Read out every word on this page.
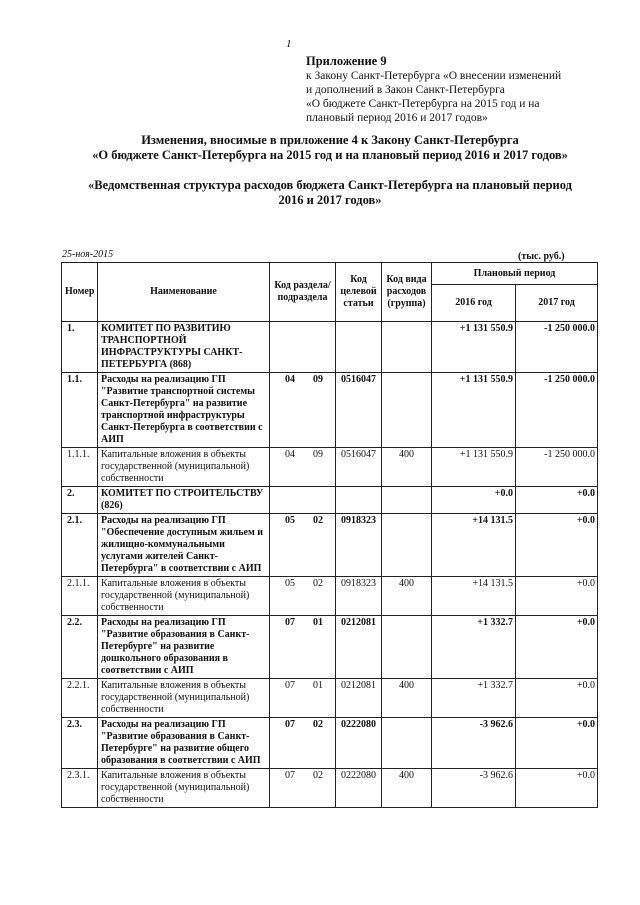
1
Приложение 9
к Закону Санкт-Петербурга «О внесении изменений
и дополнений в Закон Санкт-Петербурга
«О бюджете Санкт-Петербурга на 2015 год и на
плановый период 2016 и 2017 годов»
Изменения, вносимые в приложение 4 к Закону Санкт-Петербурга
«О бюджете Санкт-Петербурга на 2015 год и на плановый период 2016 и 2017 годов»
«Ведомственная структура расходов бюджета Санкт-Петербурга на плановый период
2016 и 2017 годов»
25-ноя-2015	(тыс. руб.)
Номер	Наименование	Код раздела/ подраздела	Код целевой статьи	Код вида расходов (группа)	Плановый период	
					2016 год	2017 год
1.	КОМИТЕТ ПО РАЗВИТИЮ ТРАНСПОРТНОЙ ИНФРАСТРУКТУРЫ САНКТ-ПЕТЕРБУРГА (868)				+1 131 550.9	-1 250 000.0
1.1.	Расходы на реализацию ГП "Развитие транспортной системы Санкт-Петербурга" на развитие транспортной инфраструктуры Санкт-Петербурга в соответствии с АИП	04 09	0516047		+1 131 550.9	-1 250 000.0
1.1.1.	Капитальные вложения в объекты государственной (муниципальной) собственности	04 09	0516047	400	+1 131 550.9	-1 250 000.0
2.	КОМИТЕТ ПО СТРОИТЕЛЬСТВУ (826)				+0.0	+0.0
2.1.	Расходы на реализацию ГП "Обеспечение доступным жильем и жилищно-коммунальными услугами жителей Санкт-Петербурга" в соответствии с АИП	05 02	0918323		+14 131.5	+0.0
2.1.1.	Капитальные вложения в объекты государственной (муниципальной) собственности	05 02	0918323	400	+14 131.5	+0.0
2.2.	Расходы на реализацию ГП "Развитие образования в Санкт-Петербурге" на развитие дошкольного образования в соответствии с АИП	07 01	0212081		+1 332.7	+0.0
2.2.1.	Капитальные вложения в объекты государственной (муниципальной) собственности	07 01	0212081	400	+1 332.7	+0.0
2.3.	Расходы на реализацию ГП "Развитие образования в Санкт-Петербурге" на развитие общего образования в соответствии с АИП	07 02	0222080		-3 962.6	+0.0
2.3.1.	Капитальные вложения в объекты государственной (муниципальной) собственности	07 02	0222080	400	-3 962.6	+0.0
